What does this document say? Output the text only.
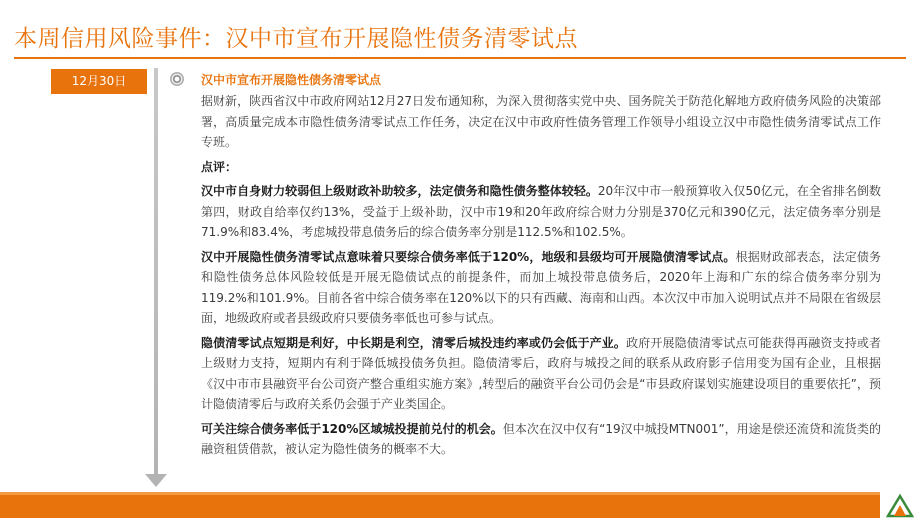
本周信用风险事件：汉中市宣布开展隐性债务清零试点
12月30日	汉中市宣布开展隐性债务清零试点

据财新，陕西省汉中市政府网站12月27日发布通知称，为深入贯彻落实党中央、国务院关于防范化解地方政府债务风险的决策部署，高质量完成本市隐性债务清零试点工作任务，决定在汉中市政府性债务管理工作领导小组设立汉中市隐性债务清零试点工作专班。

点评：

汉中市自身财力较弱但上级财政补助较多，法定债务和隐性债务整体较轻。20年汉中市一般预算收入仅50亿元，在全省排名倒数第四，财政自给率仅约13%，受益于上级补助，汉中市19和20年政府综合财力分别是370亿元和390亿元，法定债务率分别是71.9%和83.4%，考虑城投带息债务后的综合债务率分别是112.5%和102.5%。

汉中开展隐性债务清零试点意味着只要综合债务率低于120%，地级和县级均可开展隐债清零试点。根据财政部表态，法定债务和隐性债务总体风险较低是开展无隐债试点的前提条件，而加上城投带息债务后，2020年上海和广东的综合债务率分别为119.2%和101.9%。目前各省中综合债务率在120%以下的只有西藏、海南和山西。本次汉中市加入说明试点并不局限在省级层面，地级政府或者县级政府只要债务率低也可参与试点。

隐债清零试点短期是利好，中长期是利空，清零后城投违约率或仍会低于产业。政府开展隐债清零试点可能获得再融资支持或者上级财力支持，短期内有利于降低城投债务负担。隐债清零后，政府与城投之间的联系从政府影子信用变为国有企业，且根据《汉中市市县融资平台公司资产整合重组实施方案》,转型后的融资平台公司仍会是“市县政府谋划实施建设项目的重要依托”，预计隐债清零后与政府关系仍会强于产业类国企。

可关注综合债务率低于120%区域城投提前兑付的机会。但本次在汉中仅有“19汉中城投MTN001”，用途是偿还流贷和流货类的融资租赁借款，被认定为隐性债务的概率不大。
